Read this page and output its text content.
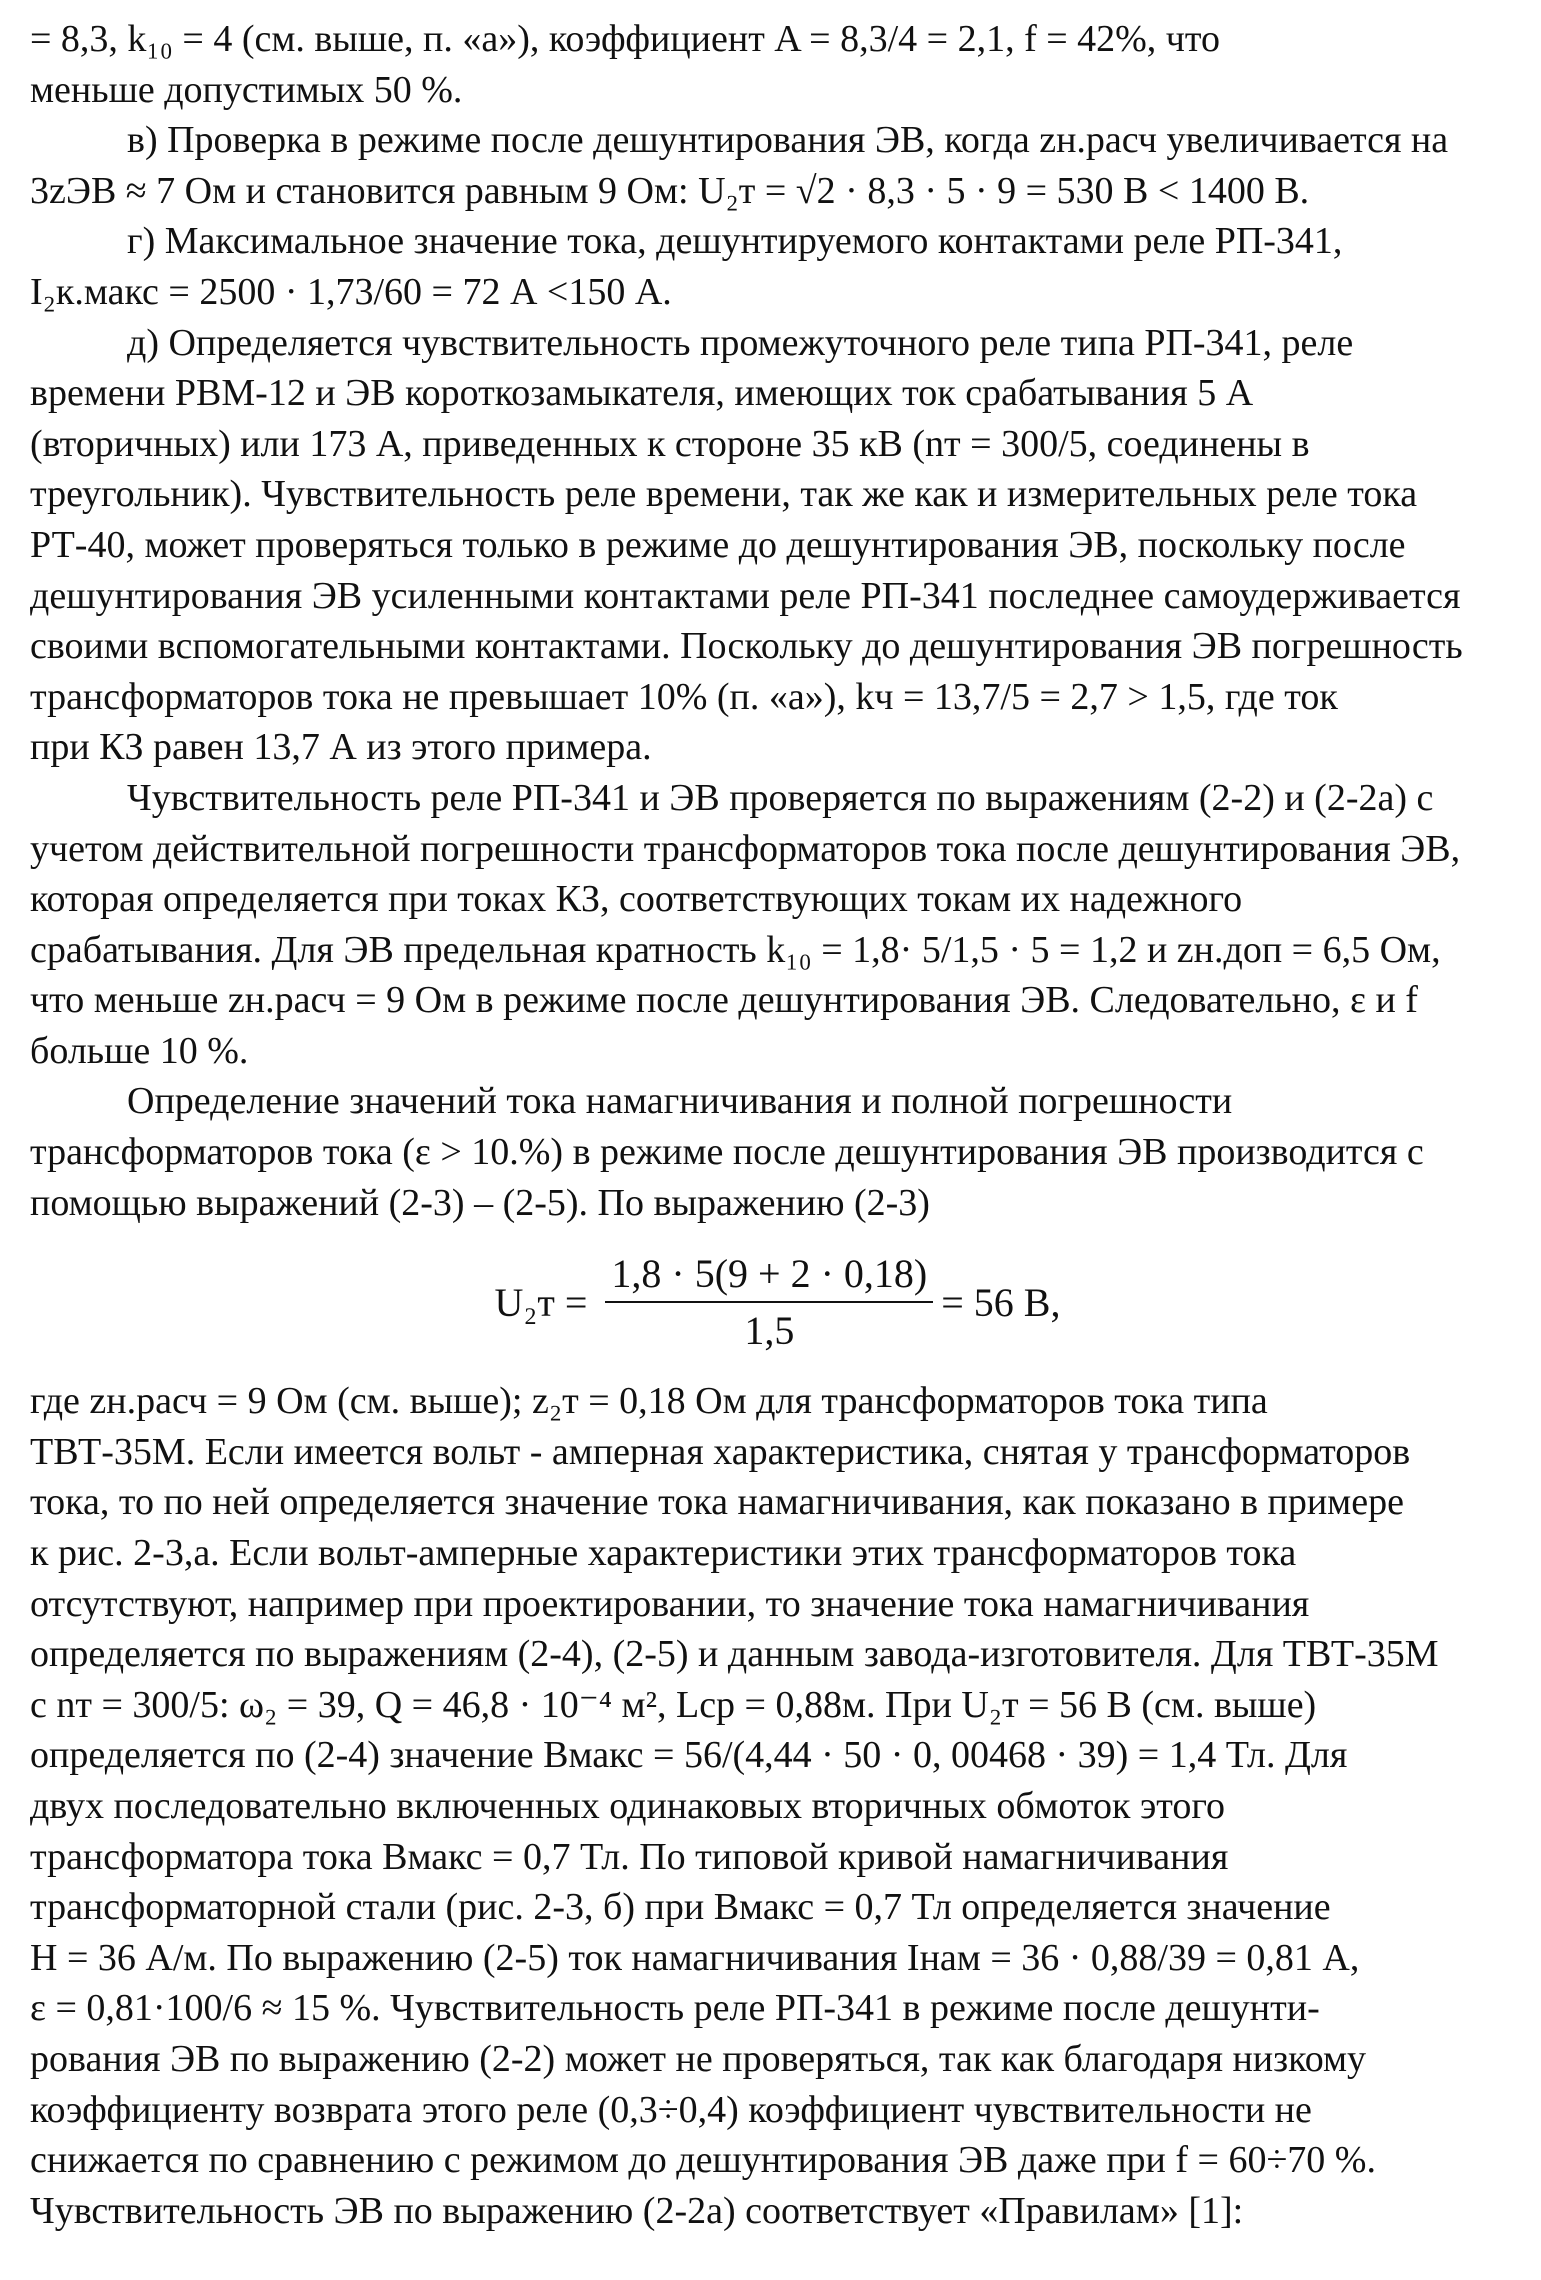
= 8,3, k₁₀ = 4 (см. выше, п. «а»), коэффициент A = 8,3/4 = 2,1, f = 42%, что
меньше допустимых 50 %.
в) Проверка в режиме после дешунтирования ЭВ, когда zн.расч увеличивается на
3zЭВ ≈ 7 Ом и становится равным 9 Ом: U₂т = √2 · 8,3 · 5 · 9 = 530 В < 1400 В.
г) Максимальное значение тока, дешунтируемого контактами реле РП-341,
I₂к.макс = 2500 · 1,73/60 = 72 А <150 А.
д) Определяется чувствительность промежуточного реле типа РП-341, реле
времени РВМ-12 и ЭВ короткозамыкателя, имеющих ток срабатывания 5 А
(вторичных) или 173 А, приведенных к стороне 35 кВ (nт = 300/5, соединены в
треугольник). Чувствительность реле времени, так же как и измерительных реле тока
РТ-40, может проверяться только в режиме до дешунтирования ЭВ, поскольку после
дешунтирования ЭВ усиленными контактами реле РП-341 последнее самоудерживается
своими вспомогательными контактами. Поскольку до дешунтирования ЭВ погрешность
трансформаторов тока не превышает 10% (п. «а»), kч = 13,7/5 = 2,7 > 1,5, где ток
при КЗ равен 13,7 А из этого примера.
Чувствительность реле РП-341 и ЭВ проверяется по выражениям (2-2) и (2-2а) с
учетом действительной погрешности трансформаторов тока после дешунтирования ЭВ,
которая определяется при токах КЗ, соответствующих токам их надежного
срабатывания. Для ЭВ предельная кратность k₁₀ = 1,8· 5/1,5 · 5 = 1,2 и zн.доп = 6,5 Ом,
что меньше zн.расч = 9 Ом в режиме после дешунтирования ЭВ. Следовательно, ε и f
больше 10 %.
Определение значений тока намагничивания и полной погрешности
трансформаторов тока (ε > 10.%) в режиме после дешунтирования ЭВ производится с
помощью выражений (2-3) – (2-5). По выражению (2-3)
$U_2т = \frac{1,8 \cdot 5(9 + 2 \cdot 0,18)}{1,5} = 56$ В,
где zн.расч = 9 Ом (см. выше); z₂т = 0,18 Ом для трансформаторов тока типа
ТВТ-35М. Если имеется вольт - амперная характеристика, снятая у трансформаторов
тока, то по ней определяется значение тока намагничивания, как показано в примере
к рис. 2-3,а. Если вольт-амперные характеристики этих трансформаторов тока
отсутствуют, например при проектировании, то значение тока намагничивания
определяется по выражениям (2-4), (2-5) и данным завода-изготовителя. Для ТВТ-35М
с nт = 300/5: ω₂ = 39, Q = 46,8 · 10⁻⁴ м², Lср = 0,88м. При U₂т = 56 В (см. выше)
определяется по (2-4) значение Bмакс = 56/(4,44 · 50 · 0, 00468 · 39) = 1,4 Тл. Для
двух последовательно включенных одинаковых вторичных обмоток этого
трансформатора тока Bмакс = 0,7 Тл. По типовой кривой намагничивания
трансформаторной стали (рис. 2-3, б) при Bмакс = 0,7 Тл определяется значение
H = 36 А/м. По выражению (2-5) ток намагничивания Iнам = 36 · 0,88/39 = 0,81 А,
ε = 0,81·100/6 ≈ 15 %. Чувствительность реле РП-341 в режиме после дешунти-
рования ЭВ по выражению (2-2) может не проверяться, так как благодаря низкому
коэффициенту возврата этого реле (0,3÷0,4) коэффициент чувствительности не
снижается по сравнению с режимом до дешунтирования ЭВ даже при f = 60÷70 %.
Чувствительность ЭВ по выражению (2-2а) соответствует «Правилам» [1]:
